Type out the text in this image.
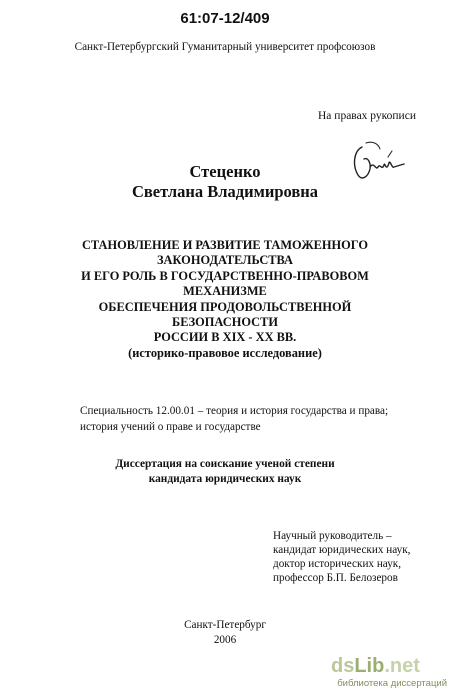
61:07-12/409
Санкт-Петербургский Гуманитарный университет профсоюзов
На правах рукописи
Стеценко
Светлана Владимировна
СТАНОВЛЕНИЕ И РАЗВИТИЕ ТАМОЖЕННОГО
ЗАКОНОДАТЕЛЬСТВА
И ЕГО РОЛЬ В ГОСУДАРСТВЕННО-ПРАВОВОМ
МЕХАНИЗМЕ
ОБЕСПЕЧЕНИЯ ПРОДОВОЛЬСТВЕННОЙ
БЕЗОПАСНОСТИ
РОССИИ В XIX - XX ВВ.
(историко-правовое исследование)
Специальность 12.00.01 – теория и история государства и права;
история учений о праве и государстве
Диссертация на соискание ученой степени
кандидата юридических наук
Научный руководитель –
кандидат юридических наук,
доктор исторических наук,
профессор Б.П. Белозеров
Санкт-Петербург
2006
dsLib.net
библиотека диссертаций
